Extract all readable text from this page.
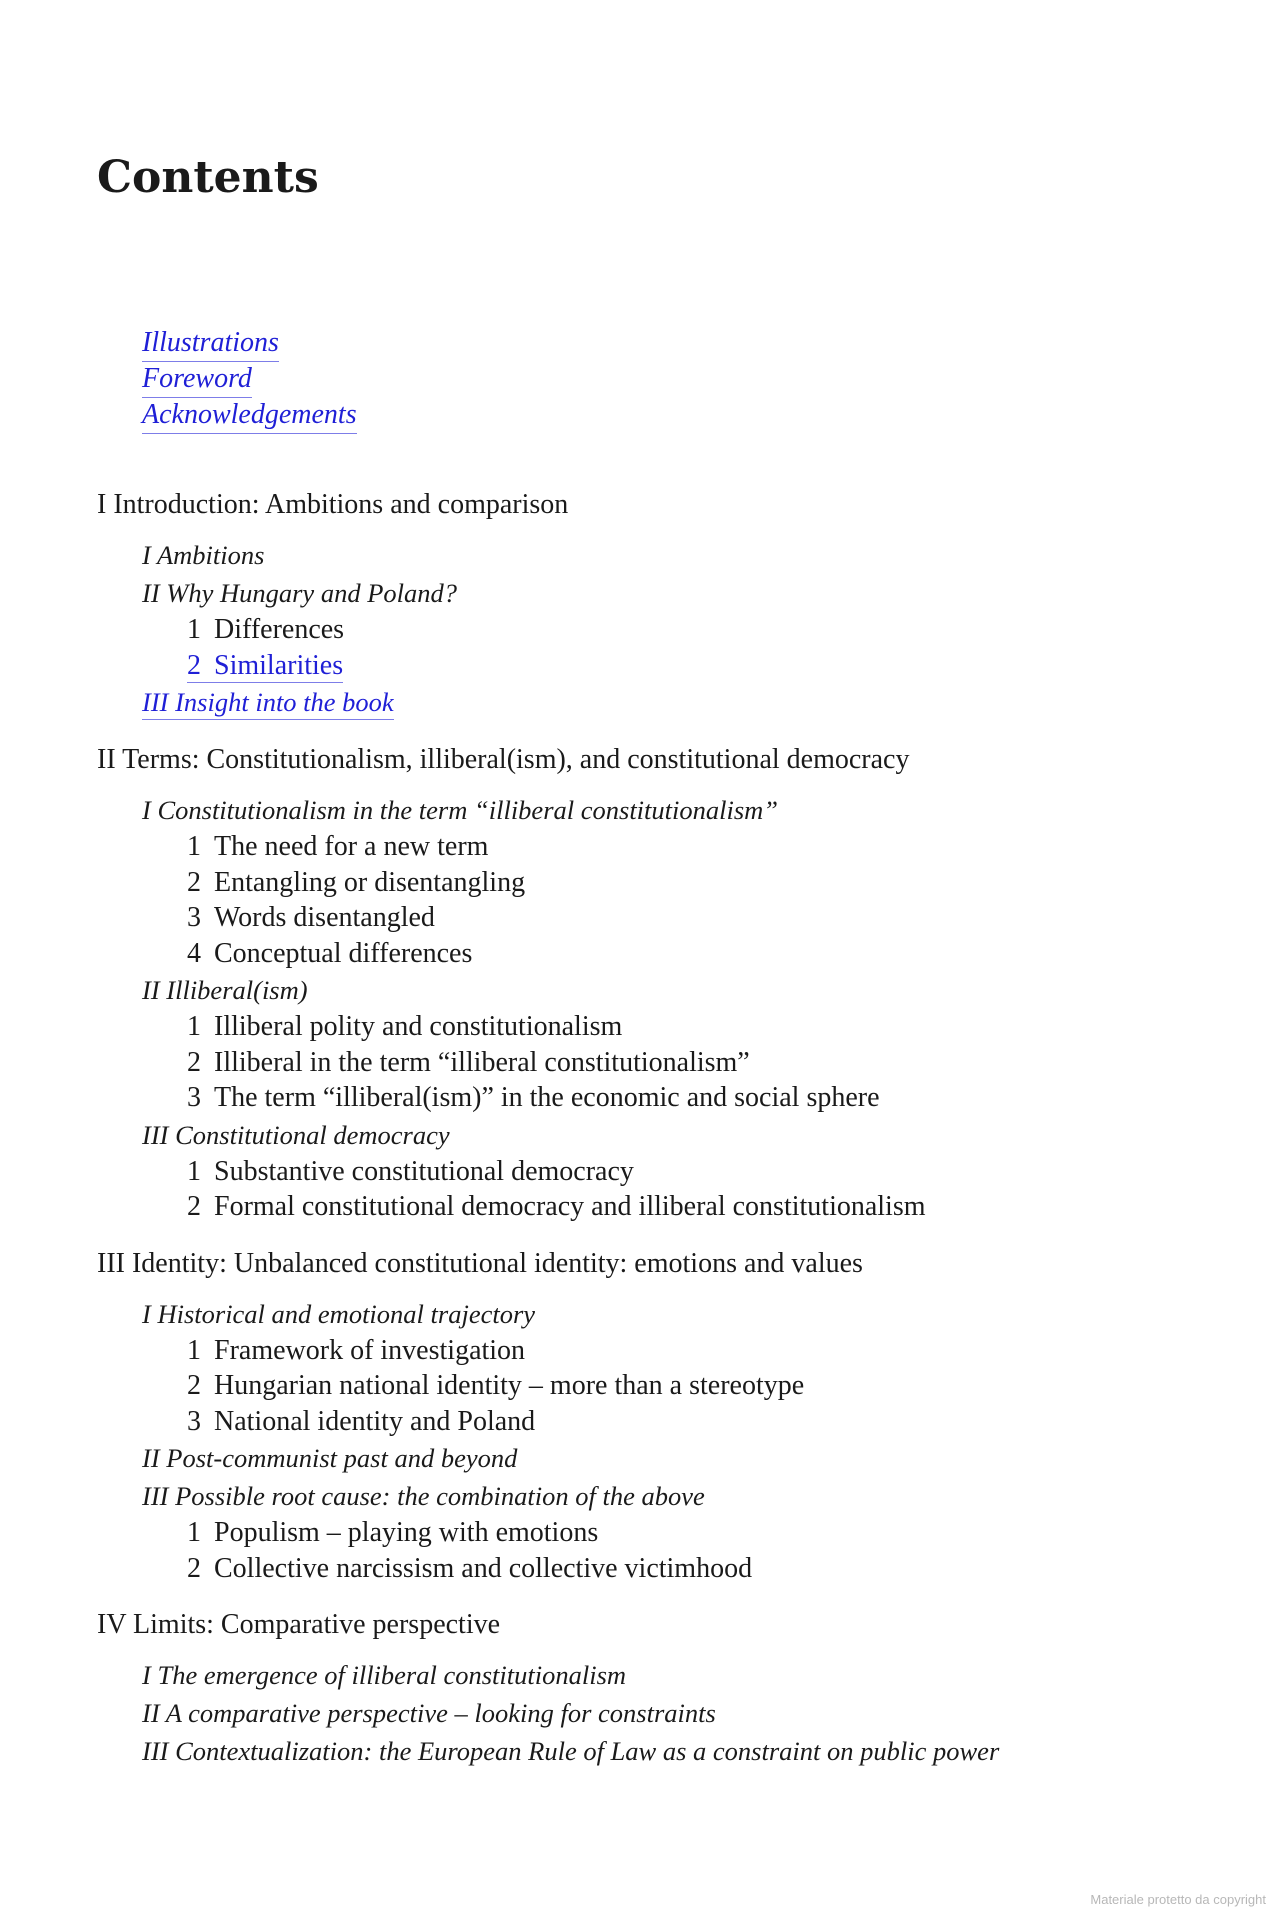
Contents
Illustrations
Foreword
Acknowledgements
I Introduction: Ambitions and comparison
I Ambitions
II Why Hungary and Poland?
1 Differences
2 Similarities
III Insight into the book
II Terms: Constitutionalism, illiberal(ism), and constitutional democracy
I Constitutionalism in the term “illiberal constitutionalism”
1 The need for a new term
2 Entangling or disentangling
3 Words disentangled
4 Conceptual differences
II Illiberal(ism)
1 Illiberal polity and constitutionalism
2 Illiberal in the term “illiberal constitutionalism”
3 The term “illiberal(ism)” in the economic and social sphere
III Constitutional democracy
1 Substantive constitutional democracy
2 Formal constitutional democracy and illiberal constitutionalism
III Identity: Unbalanced constitutional identity: emotions and values
I Historical and emotional trajectory
1 Framework of investigation
2 Hungarian national identity – more than a stereotype
3 National identity and Poland
II Post-communist past and beyond
III Possible root cause: the combination of the above
1 Populism – playing with emotions
2 Collective narcissism and collective victimhood
IV Limits: Comparative perspective
I The emergence of illiberal constitutionalism
II A comparative perspective – looking for constraints
III Contextualization: the European Rule of Law as a constraint on public power
Materiale protetto da copyright
